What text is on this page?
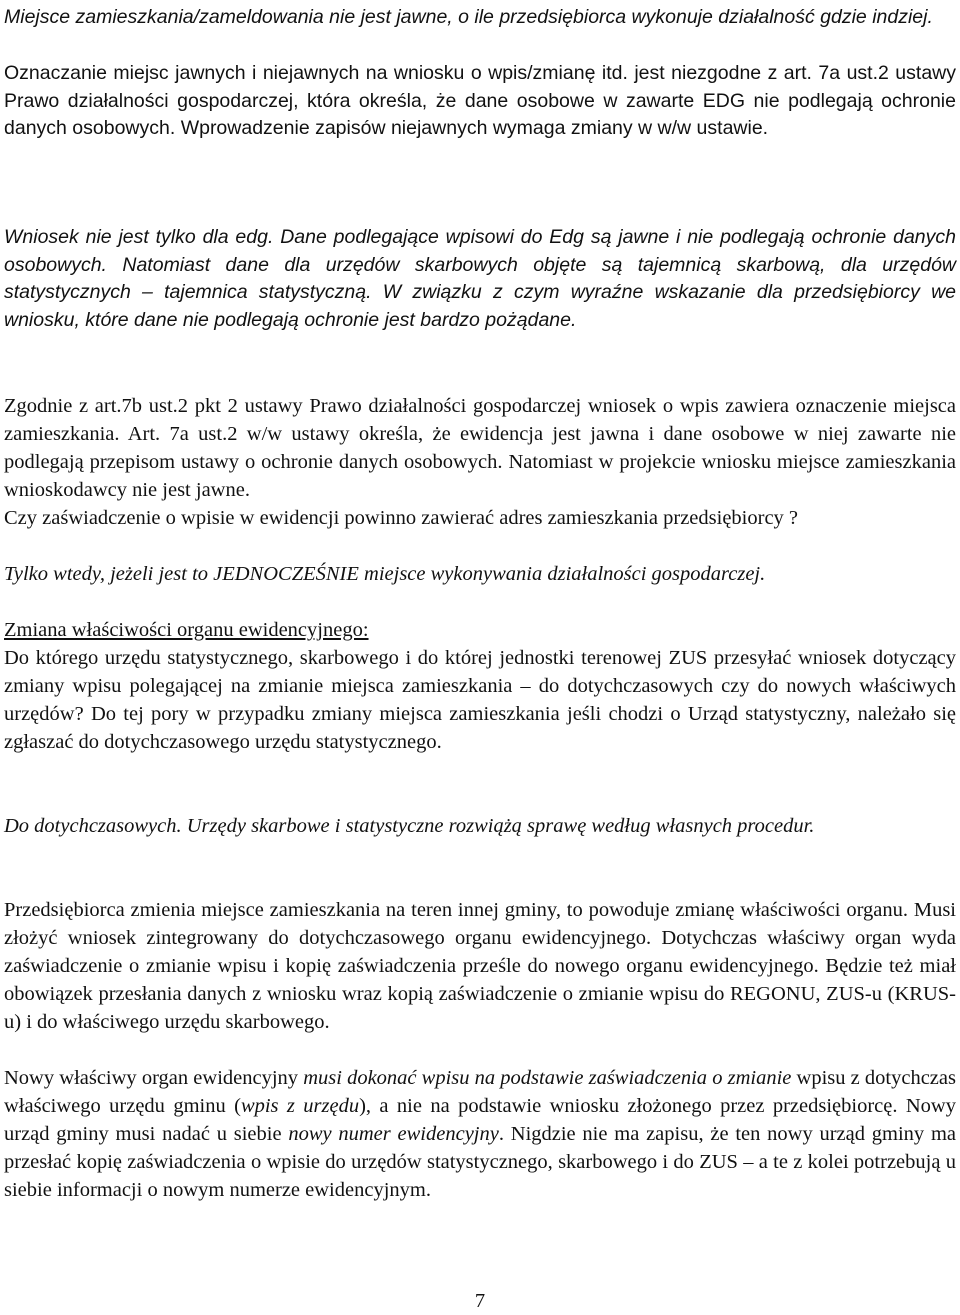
Miejsce zamieszkania/zameldowania nie jest jawne, o ile przedsiębiorca wykonuje działalność gdzie indziej.

Oznaczanie miejsc jawnych i niejawnych na wniosku o wpis/zmianę itd. jest niezgodne z art. 7a ust.2 ustawy Prawo działalności gospodarczej, która określa, że dane osobowe w zawarte EDG nie podlegają ochronie danych osobowych. Wprowadzenie zapisów niejawnych wymaga zmiany w w/w ustawie.

Wniosek nie jest tylko dla edg. Dane podlegające wpisowi do Edg są jawne i nie podlegają ochronie danych osobowych. Natomiast dane dla urzędów skarbowych objęte są tajemnicą skarbową, dla urzędów statystycznych – tajemnica statystyczną. W związku z czym wyraźne wskazanie dla przedsiębiorcy we wniosku, które dane nie podlegają ochronie jest bardzo pożądane.

Zgodnie z art.7b ust.2 pkt 2 ustawy Prawo działalności gospodarczej wniosek o wpis zawiera oznaczenie miejsca zamieszkania. Art. 7a ust.2 w/w ustawy określa, że ewidencja jest jawna i dane osobowe w niej zawarte nie podlegają przepisom ustawy o ochronie danych osobowych. Natomiast w projekcie wniosku miejsce zamieszkania wnioskodawcy nie jest jawne.

Czy zaświadczenie o wpisie w ewidencji powinno zawierać adres zamieszkania przedsiębiorcy ?

Tylko wtedy, jeżeli jest to JEDNOCZEŚNIE miejsce wykonywania działalności gospodarczej.

Zmiana właściwości organu ewidencyjnego:

Do którego urzędu statystycznego, skarbowego i do której jednostki terenowej ZUS przesyłać wniosek dotyczący zmiany wpisu polegającej na zmianie miejsca zamieszkania – do dotychczasowych czy do nowych właściwych urzędów? Do tej pory w przypadku zmiany miejsca zamieszkania jeśli chodzi o Urząd statystyczny, należało się zgłaszać do dotychczasowego urzędu statystycznego.

Do dotychczasowych. Urzędy skarbowe i statystyczne rozwiążą sprawę według własnych procedur.

Przedsiębiorca zmienia miejsce zamieszkania na teren innej gminy, to powoduje zmianę właściwości organu. Musi złożyć wniosek zintegrowany do dotychczasowego organu ewidencyjnego. Dotychczas właściwy organ wyda zaświadczenie o zmianie wpisu i kopię zaświadczenia prześle do nowego organu ewidencyjnego. Będzie też miał obowiązek przesłania danych z wniosku wraz kopią zaświadczenie o zmianie wpisu do REGONU, ZUS-u (KRUS-u) i do właściwego urzędu skarbowego.

Nowy właściwy organ ewidencyjny musi dokonać wpisu na podstawie zaświadczenia o zmianie wpisu z dotychczas właściwego urzędu gminu (wpis z urzędu), a nie na podstawie wniosku złożonego przez przedsiębiorcę. Nowy urząd gminy musi nadać u siebie nowy numer ewidencyjny. Nigdzie nie ma zapisu, że ten nowy urząd gminy ma przesłać kopię zaświadczenia o wpisie do urzędów statystycznego, skarbowego i do ZUS – a te z kolei potrzebują u siebie informacji o nowym numerze ewidencyjnym.

7
